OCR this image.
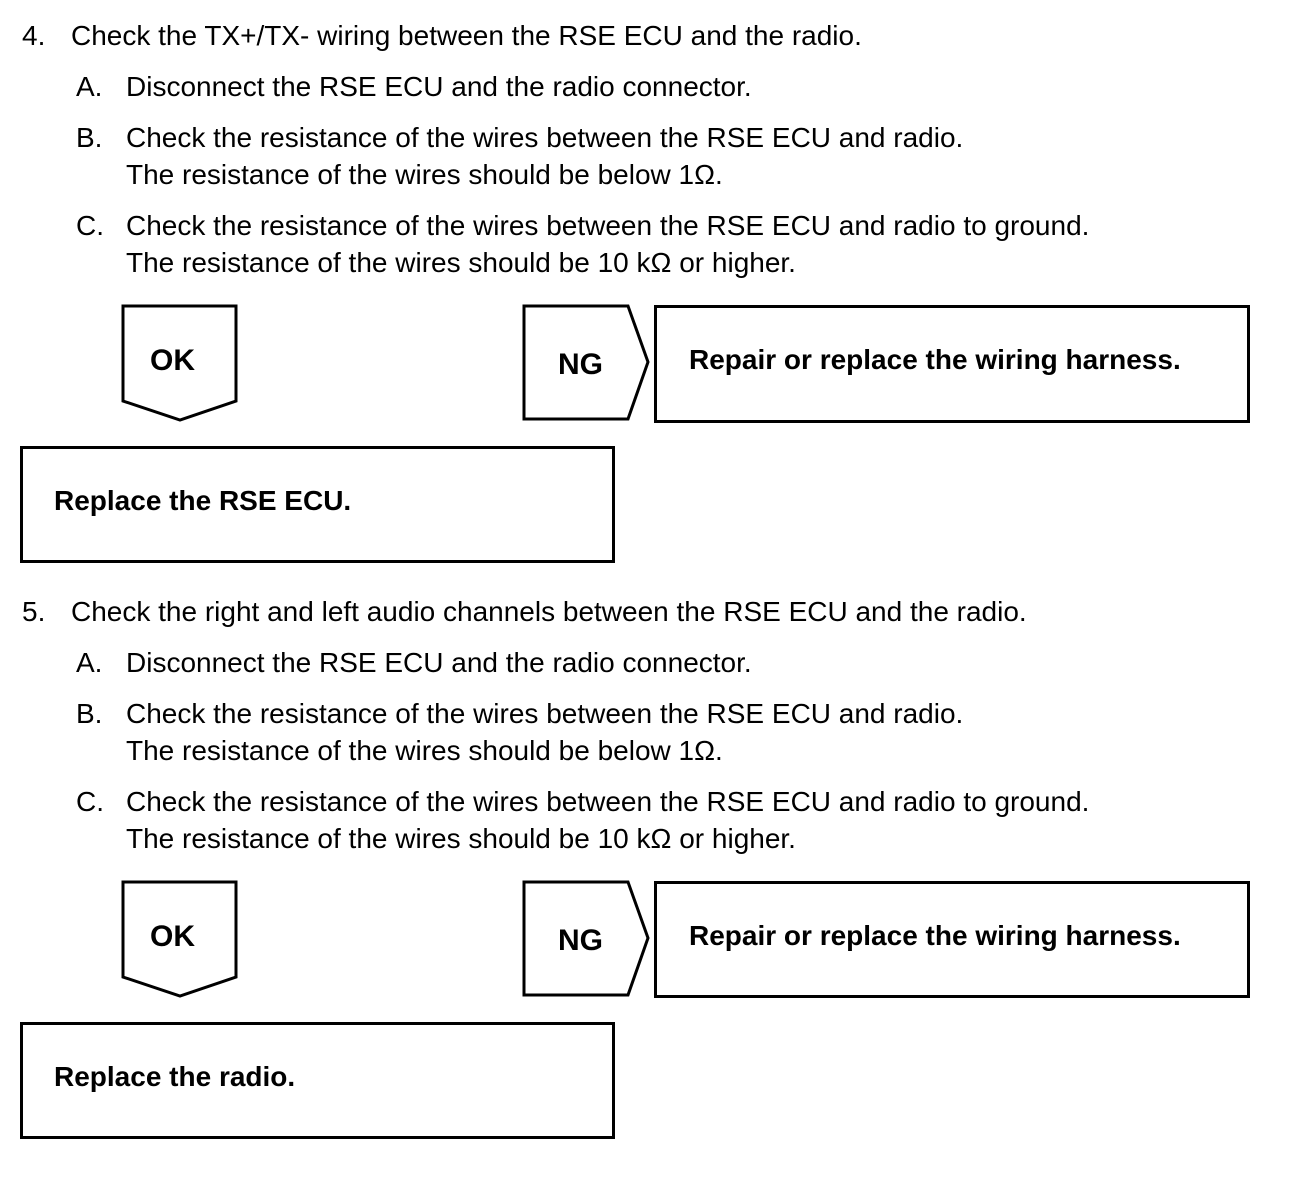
4. Check the TX+/TX- wiring between the RSE ECU and the radio.
A. Disconnect the RSE ECU and the radio connector.
B. Check the resistance of the wires between the RSE ECU and radio.
The resistance of the wires should be below 1Ω.
C. Check the resistance of the wires between the RSE ECU and radio to ground.
The resistance of the wires should be 10 kΩ or higher.
OK	NG	Repair or replace the wiring harness.
Replace the RSE ECU.
5. Check the right and left audio channels between the RSE ECU and the radio.
A. Disconnect the RSE ECU and the radio connector.
B. Check the resistance of the wires between the RSE ECU and radio.
The resistance of the wires should be below 1Ω.
C. Check the resistance of the wires between the RSE ECU and radio to ground.
The resistance of the wires should be 10 kΩ or higher.
OK	NG	Repair or replace the wiring harness.
Replace the radio.
